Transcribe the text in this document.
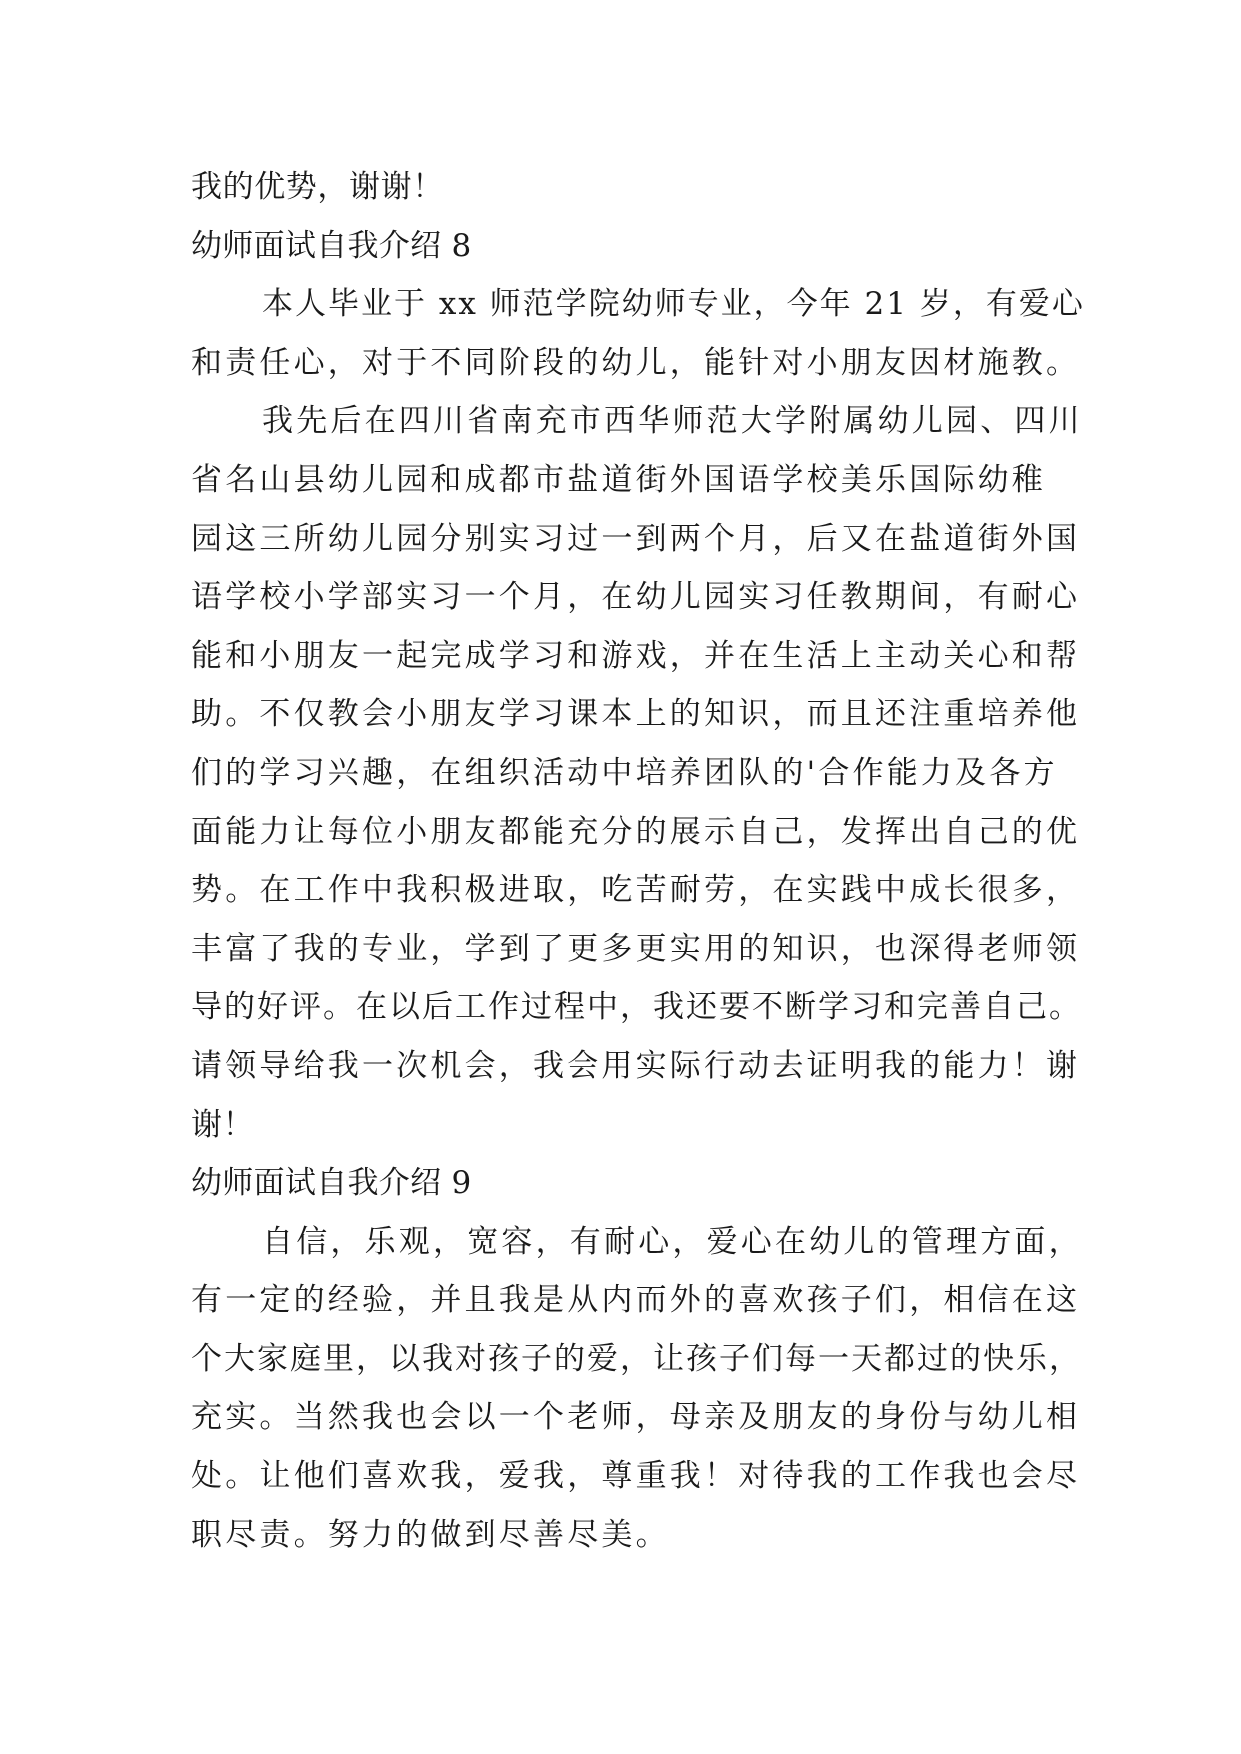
我的优势，谢谢！
幼师面试自我介绍 8
本人毕业于 xx 师范学院幼师专业，今年 21 岁，有爱心
和责任心，对于不同阶段的幼儿，能针对小朋友因材施教。
我先后在四川省南充市西华师范大学附属幼儿园、四川
省名山县幼儿园和成都市盐道街外国语学校美乐国际幼稚
园这三所幼儿园分别实习过一到两个月，后又在盐道街外国
语学校小学部实习一个月，在幼儿园实习任教期间，有耐心
能和小朋友一起完成学习和游戏，并在生活上主动关心和帮
助。不仅教会小朋友学习课本上的知识，而且还注重培养他
们的学习兴趣，在组织活动中培养团队的'合作能力及各方
面能力让每位小朋友都能充分的展示自己，发挥出自己的优
势。在工作中我积极进取，吃苦耐劳，在实践中成长很多，
丰富了我的专业，学到了更多更实用的知识，也深得老师领
导的好评。在以后工作过程中，我还要不断学习和完善自己。
请领导给我一次机会，我会用实际行动去证明我的能力！谢
谢！
幼师面试自我介绍 9
自信，乐观，宽容，有耐心，爱心在幼儿的管理方面，
有一定的经验，并且我是从内而外的喜欢孩子们，相信在这
个大家庭里，以我对孩子的爱，让孩子们每一天都过的快乐，
充实。当然我也会以一个老师，母亲及朋友的身份与幼儿相
处。让他们喜欢我，爱我，尊重我！对待我的工作我也会尽
职尽责。努力的做到尽善尽美。
